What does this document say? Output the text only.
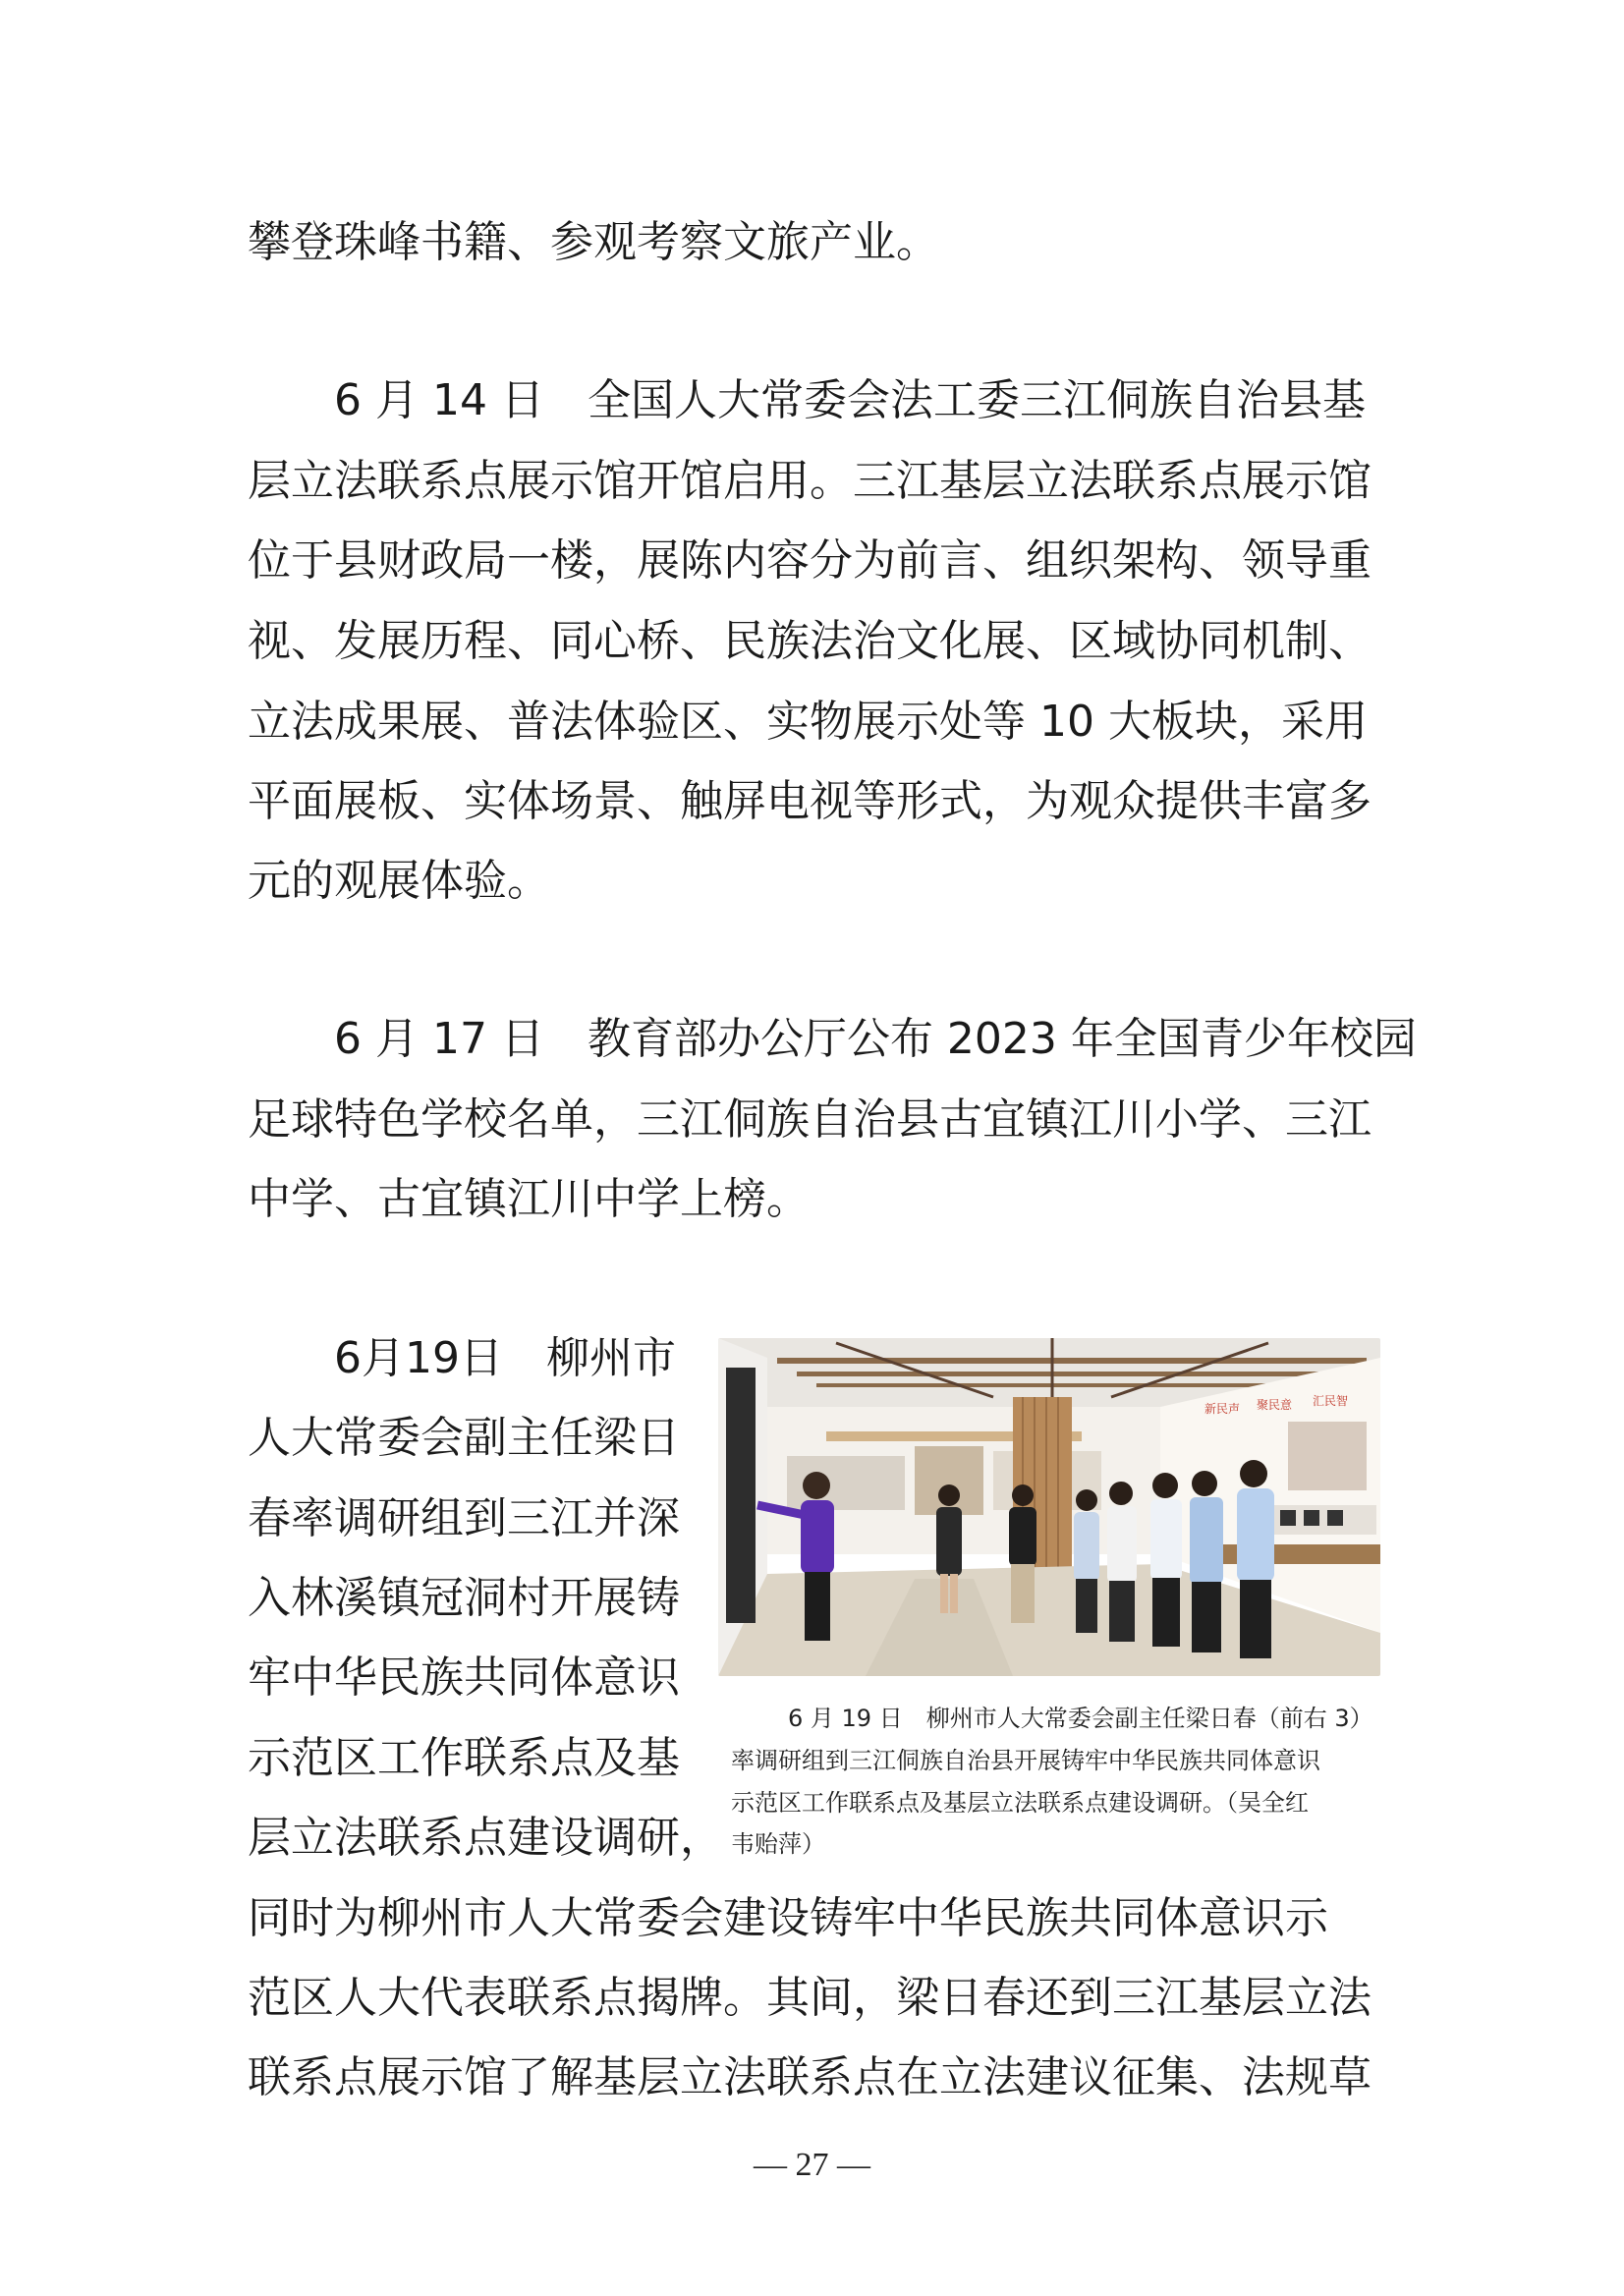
攀登珠峰书籍、参观考察文旅产业。
6 月 14 日　全国人大常委会法工委三江侗族自治县基
层立法联系点展示馆开馆启用。三江基层立法联系点展示馆
位于县财政局一楼，展陈内容分为前言、组织架构、领导重
视、发展历程、同心桥、民族法治文化展、区域协同机制、
立法成果展、普法体验区、实物展示处等 10 大板块，采用
平面展板、实体场景、触屏电视等形式，为观众提供丰富多
元的观展体验。
6 月 17 日　教育部办公厅公布 2023 年全国青少年校园
足球特色学校名单，三江侗族自治县古宜镇江川小学、三江
中学、古宜镇江川中学上榜。
6月19日　柳州市
人大常委会副主任梁日
春率调研组到三江并深
入林溪镇冠洞村开展铸
牢中华民族共同体意识
示范区工作联系点及基
层立法联系点建设调研，
同时为柳州市人大常委会建设铸牢中华民族共同体意识示
范区人大代表联系点揭牌。其间，梁日春还到三江基层立法
联系点展示馆了解基层立法联系点在立法建议征集、法规草
新民声 聚民意 汇民智
6 月 19 日　柳州市人大常委会副主任梁日春（前右 3）
率调研组到三江侗族自治县开展铸牢中华民族共同体意识
示范区工作联系点及基层立法联系点建设调研。（吴全红
韦贻萍）
— 27 —
